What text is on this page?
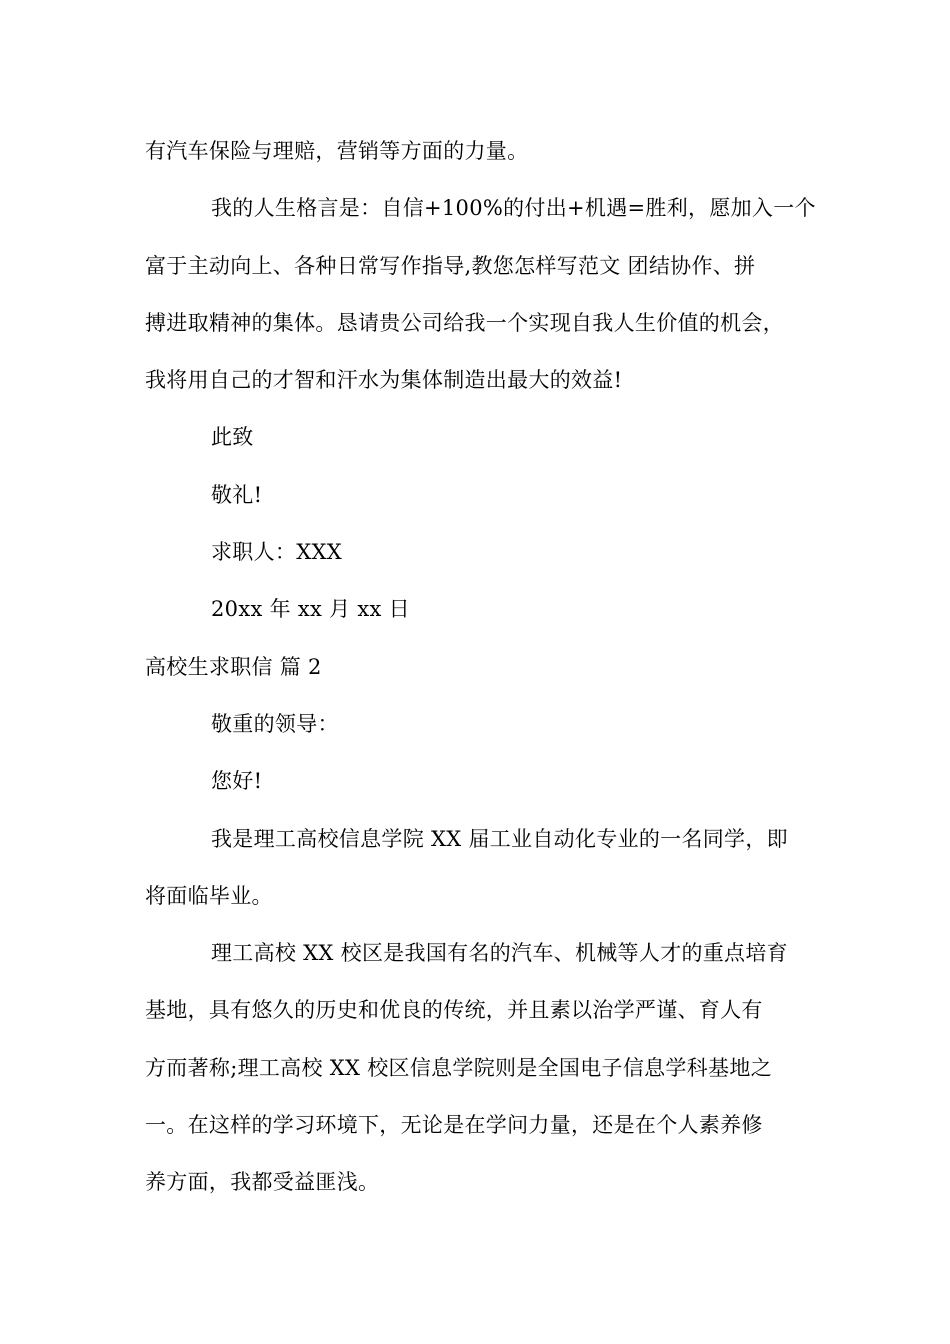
有汽车保险与理赔，营销等方面的力量。
我的人生格言是：自信+100%的付出+机遇=胜利，愿加入一个
富于主动向上、各种日常写作指导,教您怎样写范文 团结协作、拼
搏进取精神的集体。恳请贵公司给我一个实现自我人生价值的机会，
我将用自己的才智和汗水为集体制造出最大的效益!
此致
敬礼!
求职人：XXX
20xx 年 xx 月 xx 日
高校生求职信 篇 2
敬重的领导：
您好!
我是理工高校信息学院 XX 届工业自动化专业的一名同学，即
将面临毕业。
理工高校 XX 校区是我国有名的汽车、机械等人才的重点培育
基地，具有悠久的历史和优良的传统，并且素以治学严谨、育人有
方而著称;理工高校 XX 校区信息学院则是全国电子信息学科基地之
一。在这样的学习环境下，无论是在学问力量，还是在个人素养修
养方面，我都受益匪浅。
